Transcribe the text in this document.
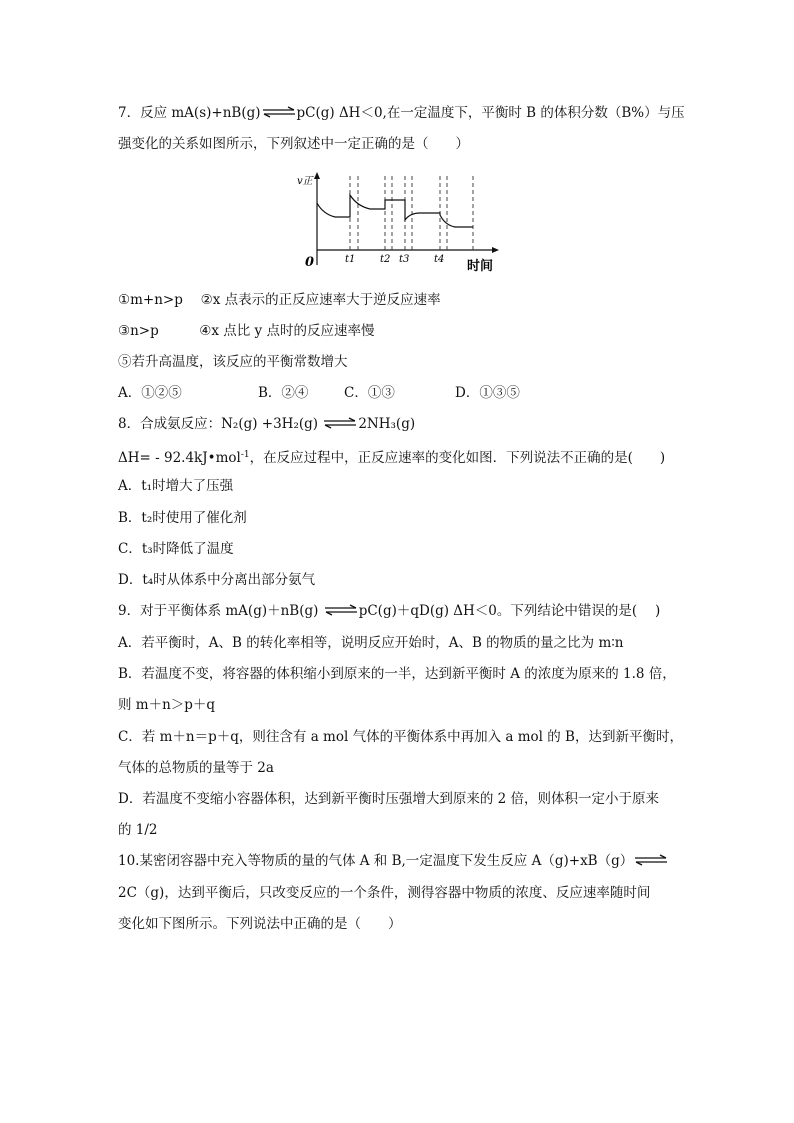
7．反应 mA(s)+nB(g)⇌pC(g) ΔH＜0,在一定温度下，平衡时 B 的体积分数（B%）与压
强变化的关系如图所示，下列叙述中一定正确的是（　　）
v正
0	t1 t2 t3 t4 时间
①m+n>p　 ②x 点表示的正反应速率大于逆反应速率
③n>p　　　④x 点比 y 点时的反应速率慢
⑤若升高温度，该反应的平衡常数增大
A．①②⑤	B．②④	C．①③	D．①③⑤
8．合成氨反应：N₂(g) +3H₂(g) ⇌2NH₃(g)
ΔH= - 92.4kJ•mol$^{-1}$，在反应过程中，正反应速率的变化如图．下列说法不正确的是(　　)
A．t₁时增大了压强
B．t₂时使用了催化剂
C．t₃时降低了温度
D．t₄时从体系中分离出部分氨气
9．对于平衡体系 mA(g)＋nB(g) ⇌pC(g)＋qD(g) ΔH＜0。下列结论中错误的是(　 )
A．若平衡时，A、B 的转化率相等，说明反应开始时，A、B 的物质的量之比为 m∶n
B．若温度不变，将容器的体积缩小到原来的一半，达到新平衡时 A 的浓度为原来的 1.8 倍，
则 m＋n＞p＋q
C．若 m＋n＝p＋q，则往含有 a mol 气体的平衡体系中再加入 a mol 的 B，达到新平衡时，
气体的总物质的量等于 2a
D．若温度不变缩小容器体积，达到新平衡时压强增大到原来的 2 倍，则体积一定小于原来
的 1/2
10.某密闭容器中充入等物质的量的气体 A 和 B,一定温度下发生反应 A（g)+xB（g）⇌
2C（g)，达到平衡后，只改变反应的一个条件，测得容器中物质的浓度、反应速率随时间
变化如下图所示。下列说法中正确的是（　　）
